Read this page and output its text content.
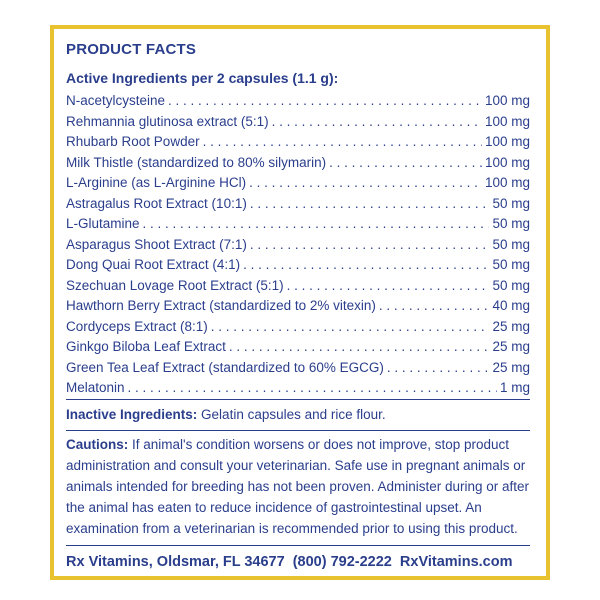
PRODUCT FACTS
Active Ingredients per 2 capsules (1.1 g):
N-acetylcysteine . . .	100 mg
Rehmannia glutinosa extract (5:1) . . .	100 mg
Rhubarb Root Powder . . .	100 mg
Milk Thistle (standardized to 80% silymarin) . . .	100 mg
L-Arginine (as L-Arginine HCl) . . .	100 mg
Astragalus Root Extract (10:1) . . .	50 mg
L-Glutamine . . .	50 mg
Asparagus Shoot Extract (7:1) . . .	50 mg
Dong Quai Root Extract (4:1) . . .	50 mg
Szechuan Lovage Root Extract (5:1) . . .	50 mg
Hawthorn Berry Extract (standardized to 2% vitexin) . . .	40 mg
Cordyceps Extract (8:1) . . .	25 mg
Ginkgo Biloba Leaf Extract . . .	25 mg
Green Tea Leaf Extract (standardized to 60% EGCG) . . .	25 mg
Melatonin . . .	1 mg
Inactive Ingredients: Gelatin capsules and rice flour.
Cautions: If animal's condition worsens or does not improve, stop product administration and consult your veterinarian. Safe use in pregnant animals or animals intended for breeding has not been proven. Administer during or after the animal has eaten to reduce incidence of gastrointestinal upset. An examination from a veterinarian is recommended prior to using this product.
Rx Vitamins, Oldsmar, FL 34677 (800) 792-2222 RxVitamins.com
